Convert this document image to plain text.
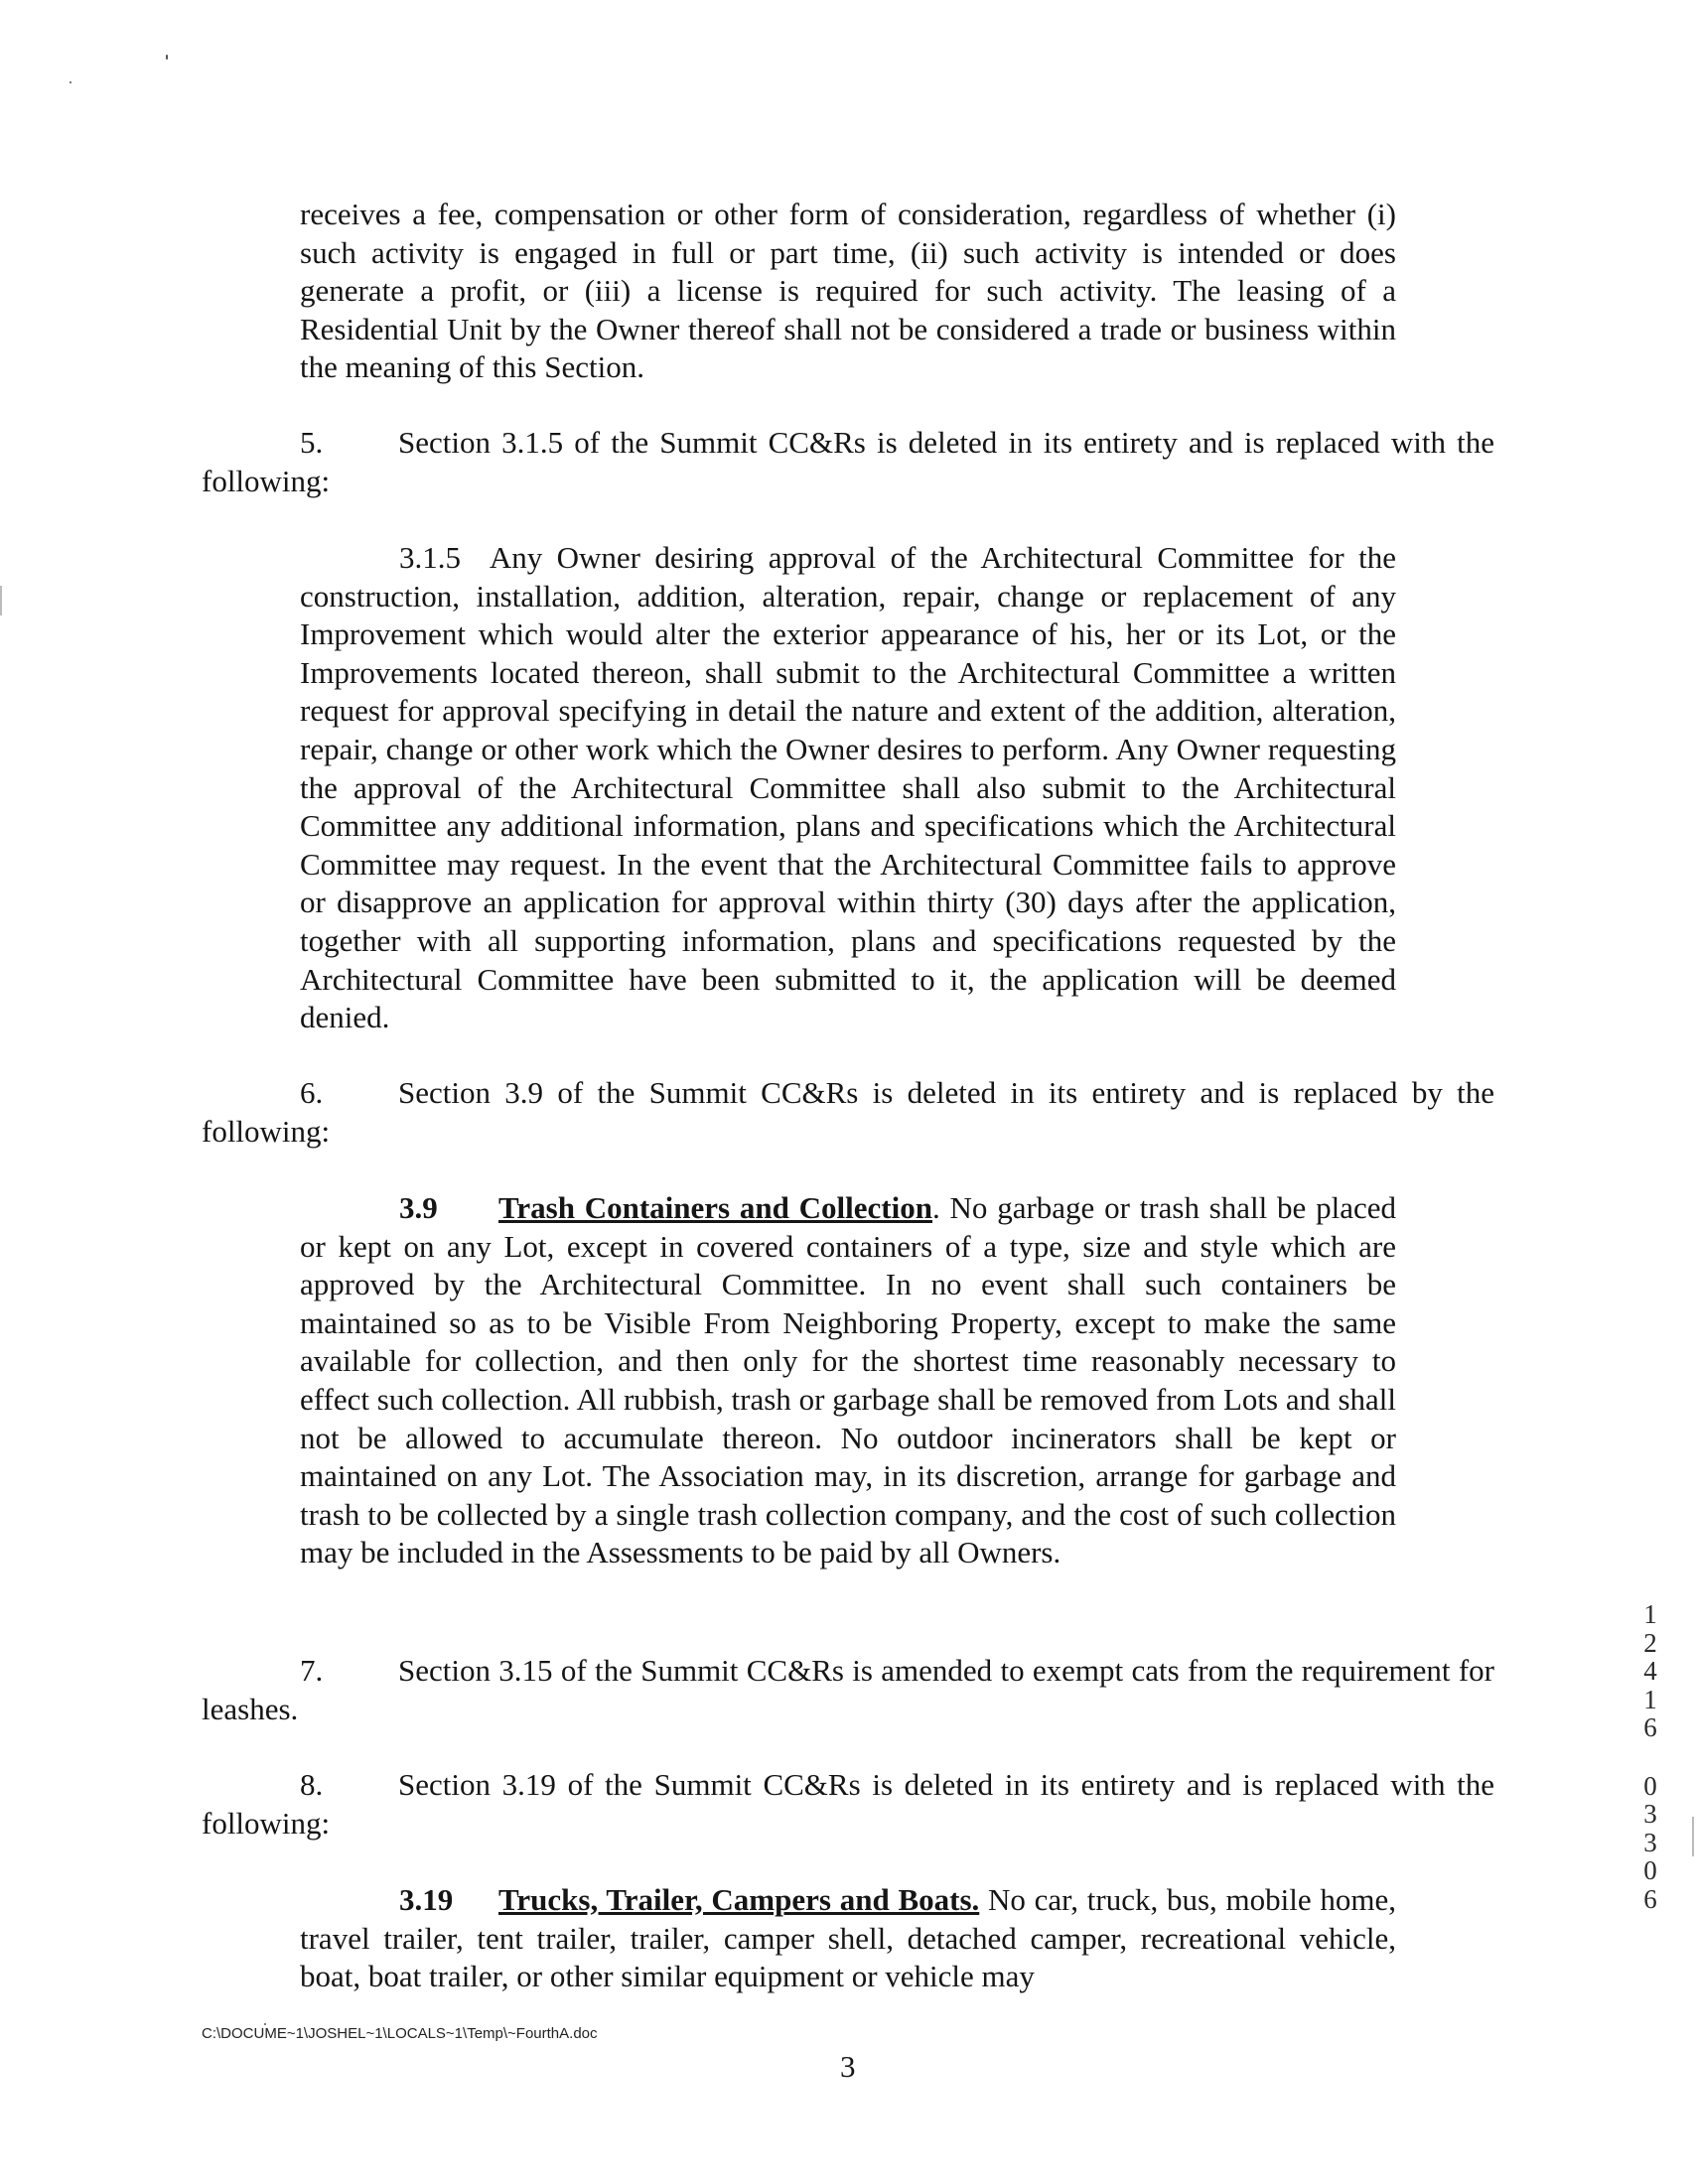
receives a fee, compensation or other form of consideration, regardless of whether (i) such activity is engaged in full or part time, (ii) such activity is intended or does generate a profit, or (iii) a license is required for such activity. The leasing of a Residential Unit by the Owner thereof shall not be considered a trade or business within the meaning of this Section.

5. Section 3.1.5 of the Summit CC&Rs is deleted in its entirety and is replaced with the following:

3.1.5 Any Owner desiring approval of the Architectural Committee for the construction, installation, addition, alteration, repair, change or replacement of any Improvement which would alter the exterior appearance of his, her or its Lot, or the Improvements located thereon, shall submit to the Architectural Committee a written request for approval specifying in detail the nature and extent of the addition, alteration, repair, change or other work which the Owner desires to perform. Any Owner requesting the approval of the Architectural Committee shall also submit to the Architectural Committee any additional information, plans and specifications which the Architectural Committee may request. In the event that the Architectural Committee fails to approve or disapprove an application for approval within thirty (30) days after the application, together with all supporting information, plans and specifications requested by the Architectural Committee have been submitted to it, the application will be deemed denied.

6. Section 3.9 of the Summit CC&Rs is deleted in its entirety and is replaced by the following:

3.9 Trash Containers and Collection. No garbage or trash shall be placed or kept on any Lot, except in covered containers of a type, size and style which are approved by the Architectural Committee. In no event shall such containers be maintained so as to be Visible From Neighboring Property, except to make the same available for collection, and then only for the shortest time reasonably necessary to effect such collection. All rubbish, trash or garbage shall be removed from Lots and shall not be allowed to accumulate thereon. No outdoor incinerators shall be kept or maintained on any Lot. The Association may, in its discretion, arrange for garbage and trash to be collected by a single trash collection company, and the cost of such collection may be included in the Assessments to be paid by all Owners.

7. Section 3.15 of the Summit CC&Rs is amended to exempt cats from the requirement for leashes.

8. Section 3.19 of the Summit CC&Rs is deleted in its entirety and is replaced with the following:

3.19 Trucks, Trailer, Campers and Boats. No car, truck, bus, mobile home, travel trailer, tent trailer, trailer, camper shell, detached camper, recreational vehicle, boat, boat trailer, or other similar equipment or vehicle may

C:\DOCUME~1\JOSHEL~1\LOCALS~1\Temp\~FourthA.doc
3
1
2
4
1
6
0
3
3
0
6
